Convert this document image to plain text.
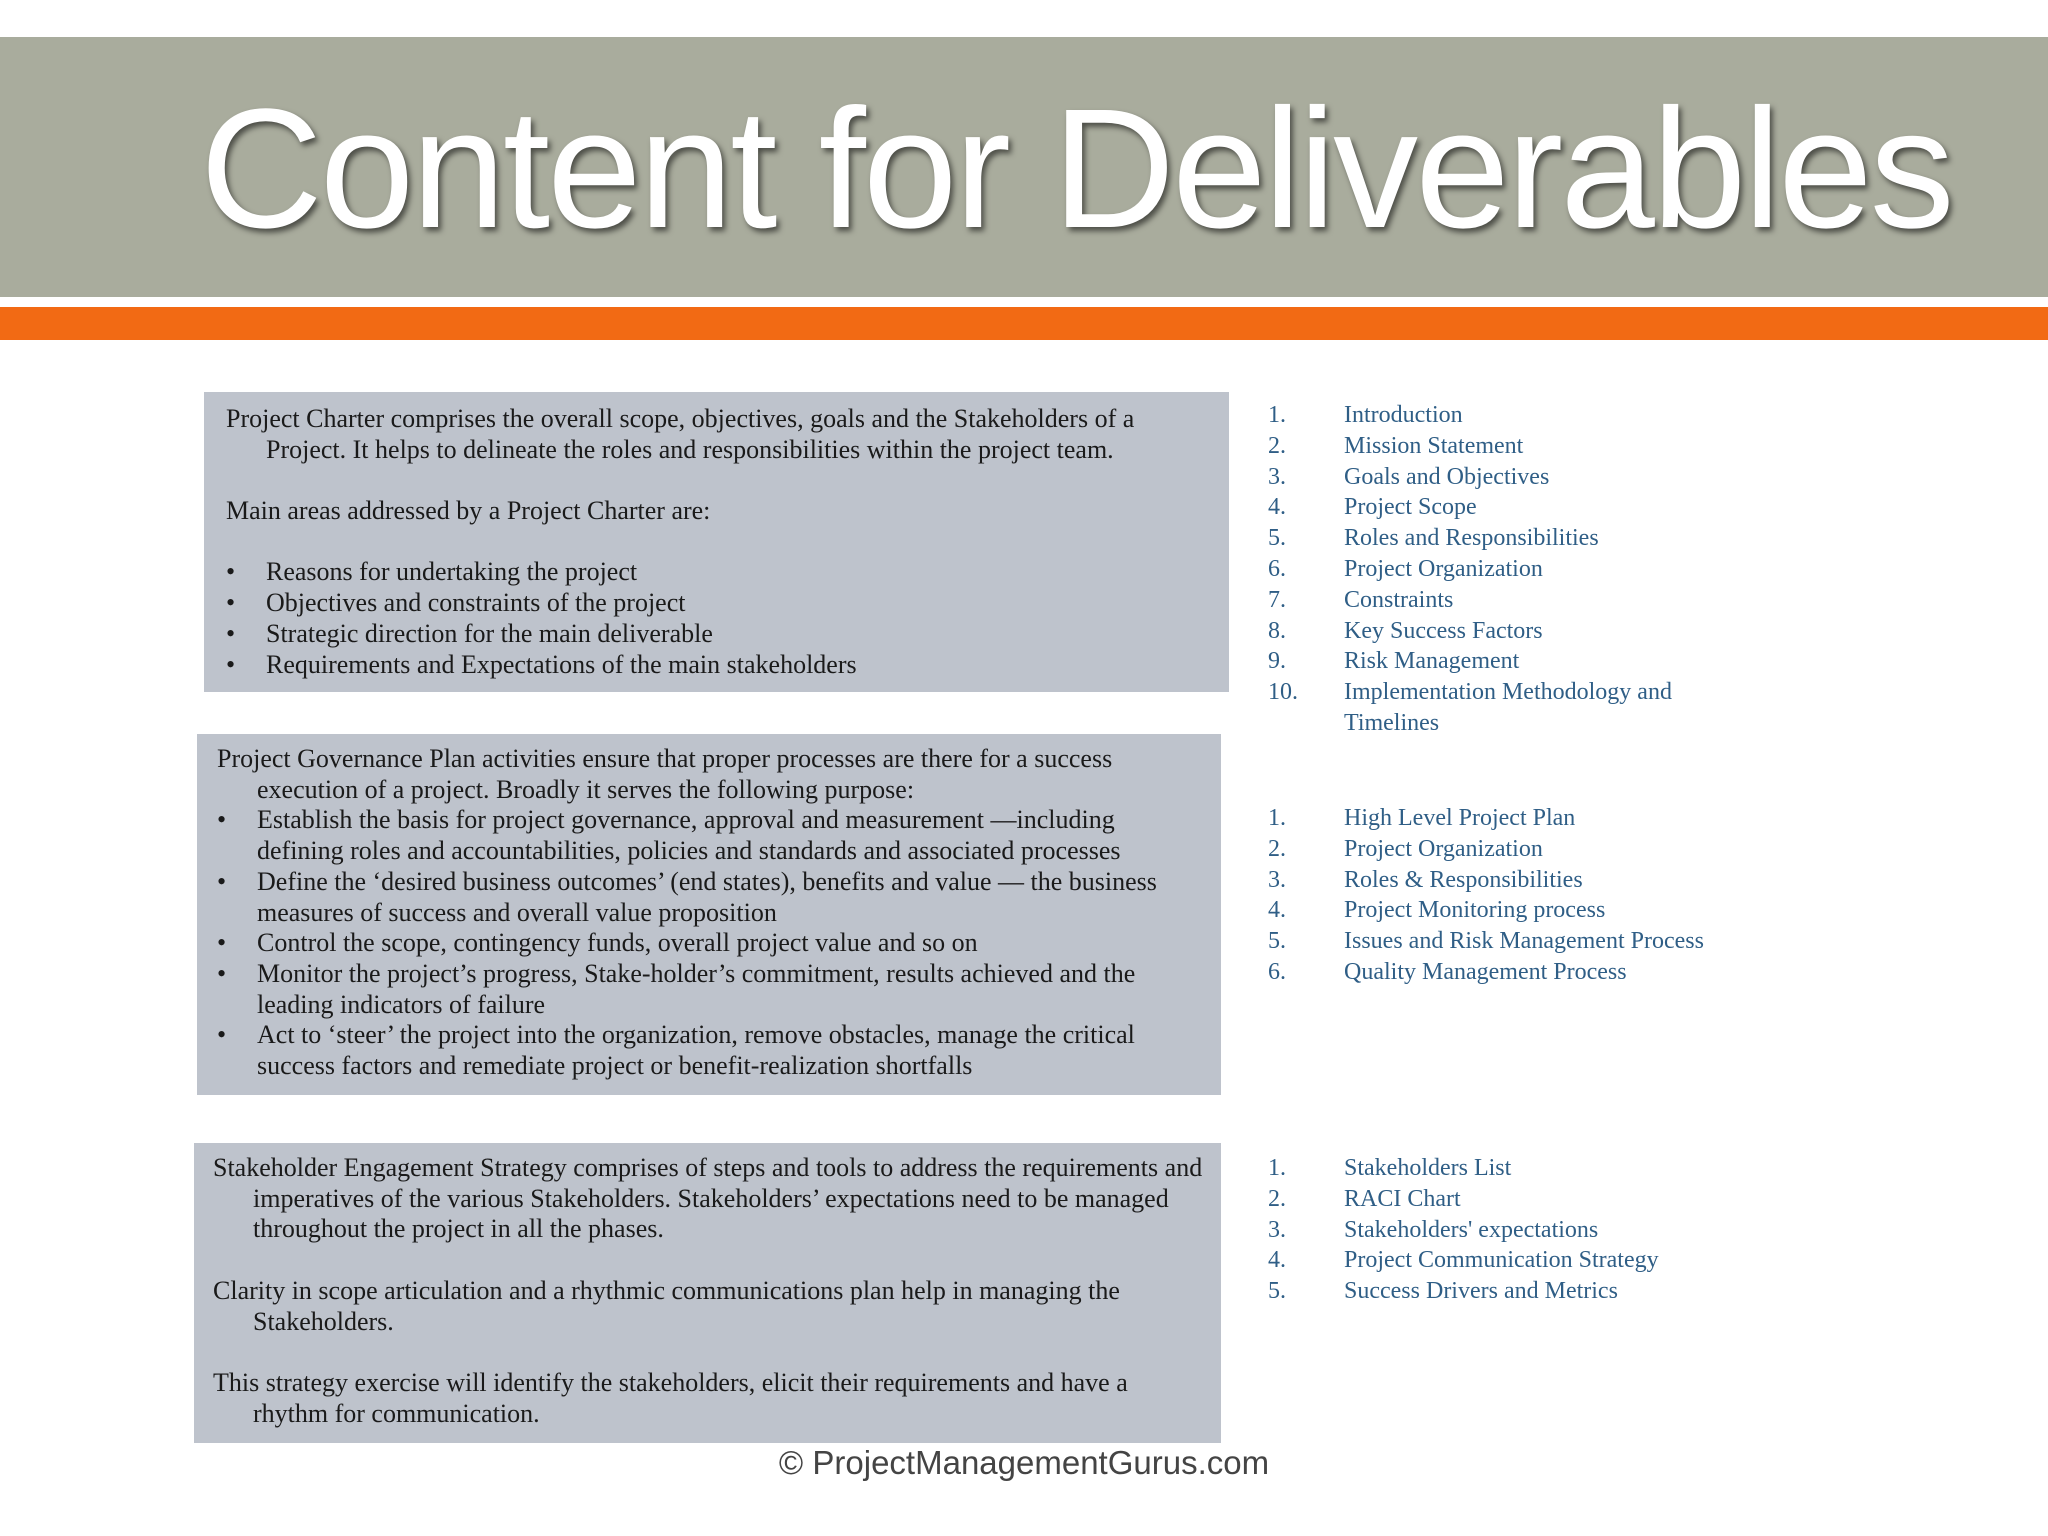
Content for Deliverables

Project Charter comprises the overall scope, objectives, goals and the Stakeholders of a Project. It helps to delineate the roles and responsibilities within the project team.

Main areas addressed by a Project Charter are:

• Reasons for undertaking the project
• Objectives and constraints of the project
• Strategic direction for the main deliverable
• Requirements and Expectations of the main stakeholders

Project Governance Plan activities ensure that proper processes are there for a success execution of a project. Broadly it serves the following purpose:

• Establish the basis for project governance, approval and measurement —including defining roles and accountabilities, policies and standards and associated processes
• Define the ‘desired business outcomes’ (end states), benefits and value — the business measures of success and overall value proposition
• Control the scope, contingency funds, overall project value and so on
• Monitor the project’s progress, Stake-holder’s commitment, results achieved and the leading indicators of failure
• Act to ‘steer’ the project into the organization, remove obstacles, manage the critical success factors and remediate project or benefit-realization shortfalls

Stakeholder Engagement Strategy comprises of steps and tools to address the requirements and imperatives of the various Stakeholders. Stakeholders’ expectations need to be managed throughout the project in all the phases.

Clarity in scope articulation and a rhythmic communications plan help in managing the Stakeholders.

This strategy exercise will identify the stakeholders, elicit their requirements and have a rhythm for communication.

1.	Introduction
2.	Mission Statement
3.	Goals and Objectives
4.	Project Scope
5.	Roles and Responsibilities
6.	Project Organization
7.	Constraints
8.	Key Success Factors
9.	Risk Management
10.	Implementation Methodology and Timelines
1.	High Level Project Plan
2.	Project Organization
3.	Roles & Responsibilities
4.	Project Monitoring process
5.	Issues and Risk Management Process
6.	Quality Management Process
1.	Stakeholders List
2.	RACI Chart
3.	Stakeholders' expectations
4.	Project Communication Strategy
5.	Success Drivers and Metrics
© ProjectManagementGurus.com
